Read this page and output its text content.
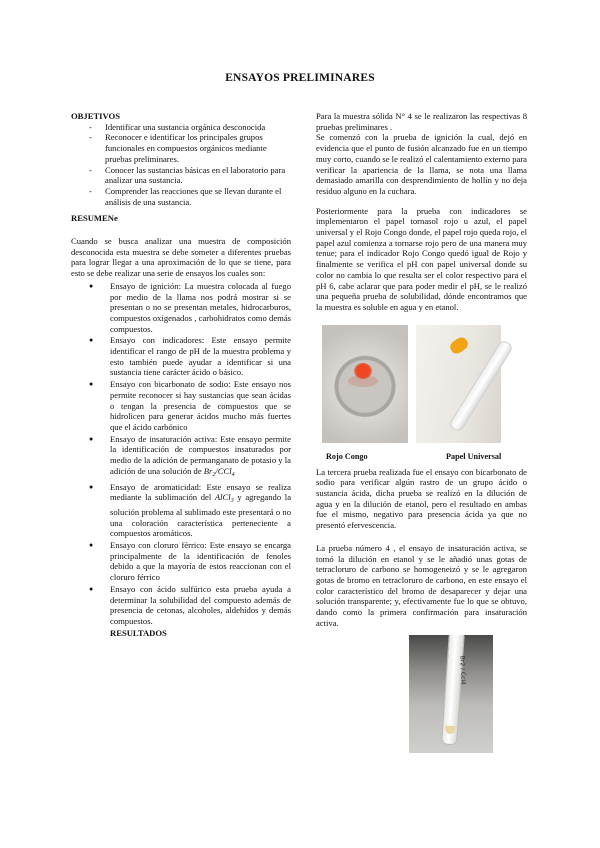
ENSAYOS PRELIMINARES
OBJETIVOS
- Identificar una sustancia orgánica desconocida
- Reconocer e identificar los principales grupos funcionales en compuestos orgánicos mediante pruebas preliminares.
- Conocer las sustancias básicas en el laboratorio para analizar una sustancia.
- Comprender las reacciones que se llevan durante el análisis de una sustancia.
RESUMENe

Cuando se busca analizar una muestra de composición desconocida esta muestra se debe someter a diferentes pruebas para lograr llegar a una aproximación de lo que se tiene, para esto se debe realizar una serie de ensayos los cuales son:

● Ensayo de ignición: La muestra colocada al fuego por medio de la llama nos podrá mostrar si se presentan o no se presentan metales, hidrocarburos, compuestos oxigenados , carbohidratos como demás compuestos.
● Ensayo con indicadores: Este ensayo permite identificar el rango de pH de la muestra problema y esto también puede ayudar a identificar si una sustancia tiene carácter ácido o básico.
● Ensayo con bicarbonato de sodio: Este ensayo nos permite reconocer si hay sustancias que sean ácidas o tengan la presencia de compuestos que se hidrolicen para generar ácidos mucho más fuertes que el ácido carbónico
● Ensayo de insaturación activa: Este ensayo permite la identificación de compuestos insaturados por medio de la adición de permanganato de potasio y la adición de una solución de $Br_2/CCl_4$
● Ensayo de aromaticidad: Este ensayo se realiza mediante la sublimación del AlCl$_3$ y agregando la solución problema al sublimado este presentará o no una coloración característica perteneciente a compuestos aromáticos.
● Ensayo con cloruro férrico: Este ensayo se encarga principalmente de la identificación de fenoles debido a que la mayoría de estos reaccionan con el cloruro férrico
● Ensayo con ácido sulfúrico esta prueba ayuda a determinar la solubilidad del compuesto además de presencia de cetonas, alcoholes, aldehídos y demás compuestos.
RESULTADOS

Para la muestra sólida N° 4 se le realizaron las respectivas 8 pruebas preliminares .

Se comenzó con la prueba de ignición la cual, dejó en evidencia que el punto de fusión alcanzado fue en un tiempo muy corto, cuando se le realizó el calentamiento externo para verificar la apariencia de la llama, se nota una llama demasiado amarilla con desprendimiento de hollín y no deja residuo alguno en la cuchara.

Posteriormente para la prueba con indicadores se implementaron el papel tornasol rojo u azul, el papel universal y el Rojo Congo donde, el papel rojo queda rojo, el papel azul comienza a tornarse rojo pero de una manera muy tenue; para el indicador Rojo Congo quedó igual de Rojo y finalmente se verifica el pH con papel universal donde su color no cambia lo que resulta ser el color respectivo para el pH 6, cabe aclarar que para poder medir el pH, se le realizó una pequeña prueba de solubilidad, dónde encontramos que la muestra es soluble en agua y en etanol.

Rojo Congo	Papel Universal

La tercera prueba realizada fue el ensayo con bicarbonato de sodio para verificar algún rastro de un grupo ácido o sustancia ácida, dicha prueba se realizó en la dilución de agua y en la dilución de etanol, pero el resultado en ambas fue el mismo, negativo para presencia ácida ya que no presentó efervescencia.

La prueba número 4 , el ensayo de insaturación activa, se tomó la dilución en etanol y se le añadió unas gotas de tetracloruro de carbono se homogeneizó y se le agregaron gotas de bromo en tetracloruro de carbono, en este ensayo el color característico del bromo de desaparecer y dejar una solución transparente; y, efectivamente fue lo que se obtuvo, dando como la primera confirmación para insaturación activa.

Br2 / Ccl4
